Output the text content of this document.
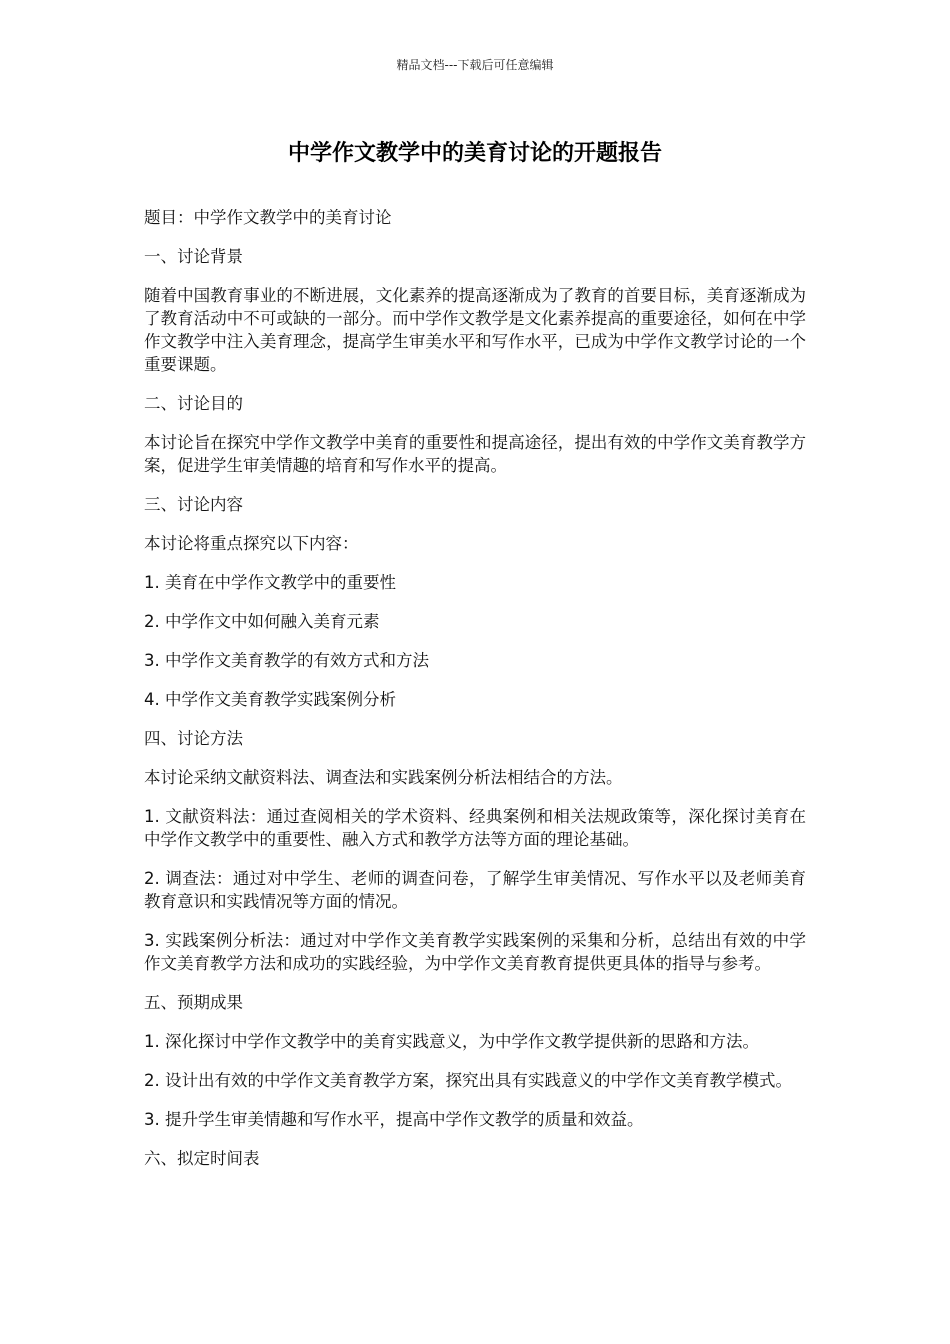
精品文档---下载后可任意编辑
中学作文教学中的美育讨论的开题报告

题目：中学作文教学中的美育讨论

一、讨论背景

随着中国教育事业的不断进展，文化素养的提高逐渐成为了教育的首要目标，美育逐渐成为了教育活动中不可或缺的一部分。而中学作文教学是文化素养提高的重要途径，如何在中学作文教学中注入美育理念，提高学生审美水平和写作水平，已成为中学作文教学讨论的一个重要课题。

二、讨论目的

本讨论旨在探究中学作文教学中美育的重要性和提高途径，提出有效的中学作文美育教学方案，促进学生审美情趣的培育和写作水平的提高。

三、讨论内容

本讨论将重点探究以下内容：

1. 美育在中学作文教学中的重要性

2. 中学作文中如何融入美育元素

3. 中学作文美育教学的有效方式和方法

4. 中学作文美育教学实践案例分析

四、讨论方法

本讨论采纳文献资料法、调查法和实践案例分析法相结合的方法。

1. 文献资料法：通过查阅相关的学术资料、经典案例和相关法规政策等，深化探讨美育在中学作文教学中的重要性、融入方式和教学方法等方面的理论基础。

2. 调查法：通过对中学生、老师的调查问卷，了解学生审美情况、写作水平以及老师美育教育意识和实践情况等方面的情况。

3. 实践案例分析法：通过对中学作文美育教学实践案例的采集和分析，总结出有效的中学作文美育教学方法和成功的实践经验，为中学作文美育教育提供更具体的指导与参考。

五、预期成果

1. 深化探讨中学作文教学中的美育实践意义，为中学作文教学提供新的思路和方法。

2. 设计出有效的中学作文美育教学方案，探究出具有实践意义的中学作文美育教学模式。

3. 提升学生审美情趣和写作水平，提高中学作文教学的质量和效益。

六、拟定时间表
